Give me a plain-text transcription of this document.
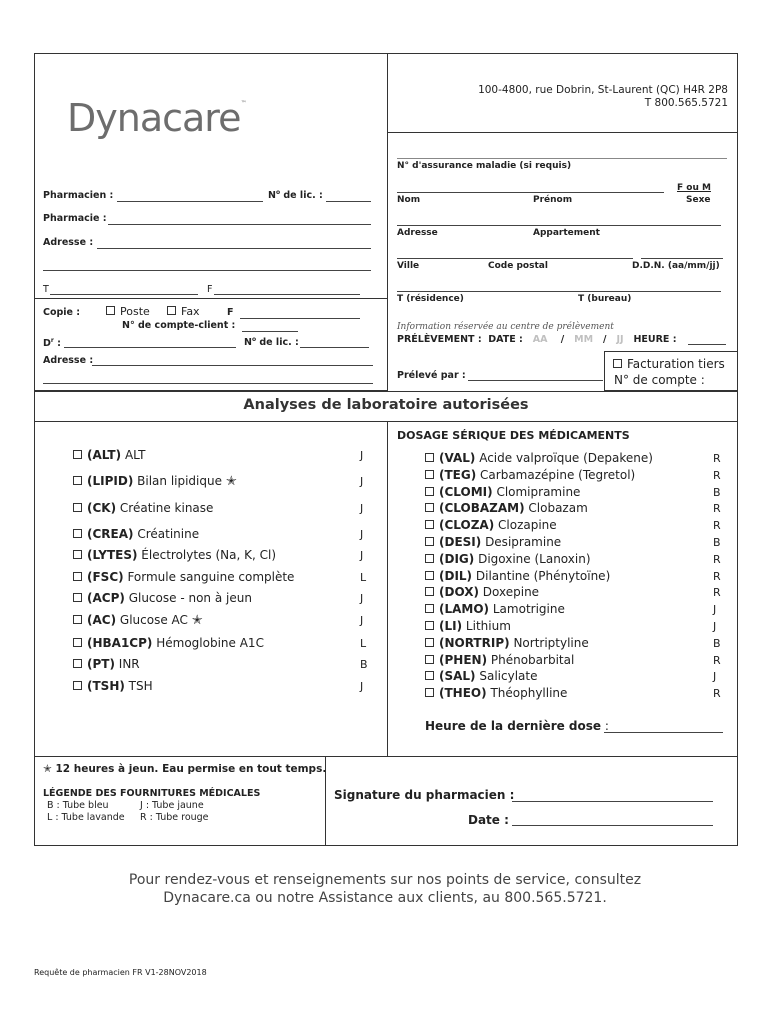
Dynacare™
100-4800, rue Dobrin, St-Laurent (QC) H4R 2P8
T 800.565.5721
Pharmacien :	$N^o$ de lic. :
Pharmacie :
Adresse :
T	F
N° d'assurance maladie (si requis)
F ou M
Nom	Prénom	Sexe
Adresse	Appartement
Ville	Code postal	D.D.N. (aa/mm/jj)
T (résidence)	T (bureau)
Copie :	Poste	Fax	F
N° de compte-client :
$D^r$ :	$N^o$ de lic. :
Adresse :
Information réservée au centre de prélèvement
PRÉLÈVEMENT : DATE : AA / MM / JJ HEURE :
Prélevé par :
Facturation tiers
N° de compte :
Analyses de laboratoire autorisées
(ALT) ALT	J
(LIPID) Bilan lipidique ✭	J
(CK) Créatine kinase	J
(CREA) Créatinine	J
(LYTES) Électrolytes (Na, K, Cl)	J
(FSC) Formule sanguine complète	L
(ACP) Glucose - non à jeun	J
(AC) Glucose AC ✭	J
(HBA1CP) Hémoglobine A1C	L
(PT) INR	B
(TSH) TSH	J
DOSAGE SÉRIQUE DES MÉDICAMENTS
(VAL) Acide valproïque (Depakene)	R
(TEG) Carbamazépine (Tegretol)	R
(CLOMI) Clomipramine	B
(CLOBAZAM) Clobazam	R
(CLOZA) Clozapine	R
(DESI) Desipramine	B
(DIG) Digoxine (Lanoxin)	R
(DIL) Dilantine (Phénytoïne)	R
(DOX) Doxepine	R
(LAMO) Lamotrigine	J
(LI) Lithium	J
(NORTRIP) Nortriptyline	B
(PHEN) Phénobarbital	R
(SAL) Salicylate	J
(THEO) Théophylline	R
Heure de la dernière dose :
✭ 12 heures à jeun. Eau permise en tout temps.
LÉGENDE DES FOURNITURES MÉDICALES
B : Tube bleu	J : Tube jaune
L : Tube lavande R : Tube rouge
Signature du pharmacien :
Date :
Pour rendez-vous et renseignements sur nos points de service, consultez
Dynacare.ca ou notre Assistance aux clients, au 800.565.5721.
Requête de pharmacien FR V1-28NOV2018
